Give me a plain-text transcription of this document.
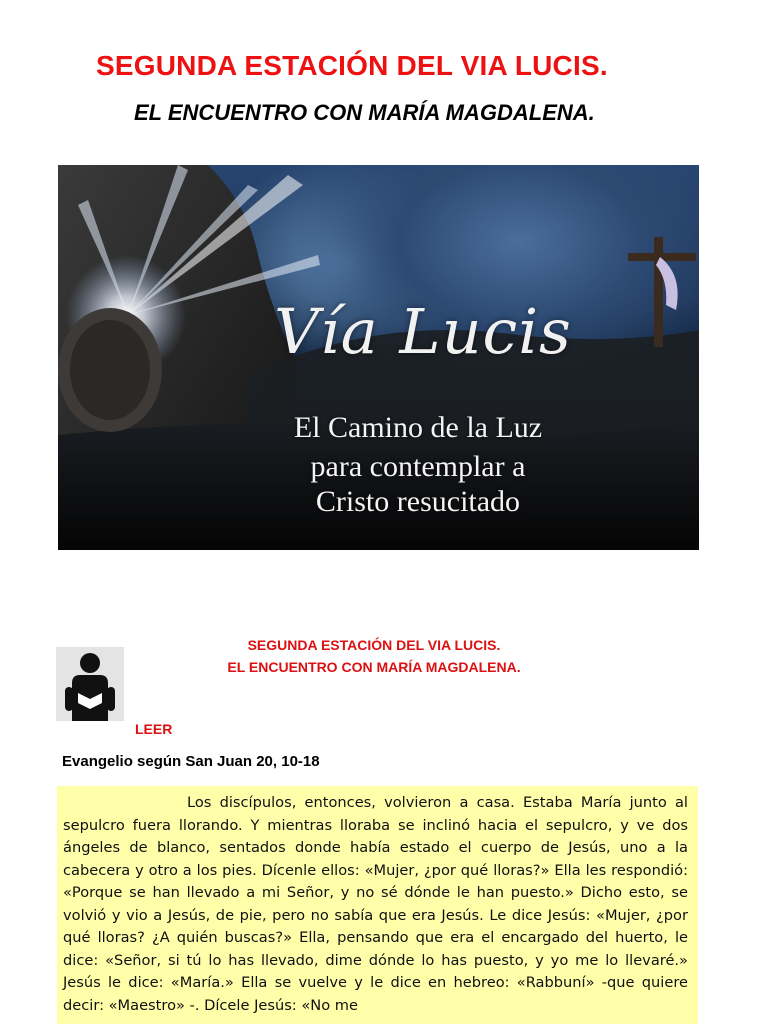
SEGUNDA ESTACIÓN DEL VIA LUCIS.
EL ENCUENTRO CON MARÍA MAGDALENA.
Vía Lucis
El Camino de la Luz
para contemplar a
Cristo resucitado
SEGUNDA ESTACIÓN DEL VIA LUCIS.
EL ENCUENTRO CON MARÍA MAGDALENA.
LEER
Evangelio según San Juan 20, 10-18

Los discípulos, entonces, volvieron a casa. Estaba María junto al sepulcro fuera llorando. Y mientras lloraba se inclinó hacia el sepulcro, y ve dos ángeles de blanco, sentados donde había estado el cuerpo de Jesús, uno a la cabecera y otro a los pies. Dícenle ellos: «Mujer, ¿por qué lloras?» Ella les respondió: «Porque se han llevado a mi Señor, y no sé dónde le han puesto.» Dicho esto, se volvió y vio a Jesús, de pie, pero no sabía que era Jesús. Le dice Jesús: «Mujer, ¿por qué lloras? ¿A quién buscas?» Ella, pensando que era el encargado del huerto, le dice: «Señor, si tú lo has llevado, dime dónde lo has puesto, y yo me lo llevaré.» Jesús le dice: «María.» Ella se vuelve y le dice en hebreo: «Rabbuní» -que quiere decir: «Maestro» -. Dícele Jesús: «No me
